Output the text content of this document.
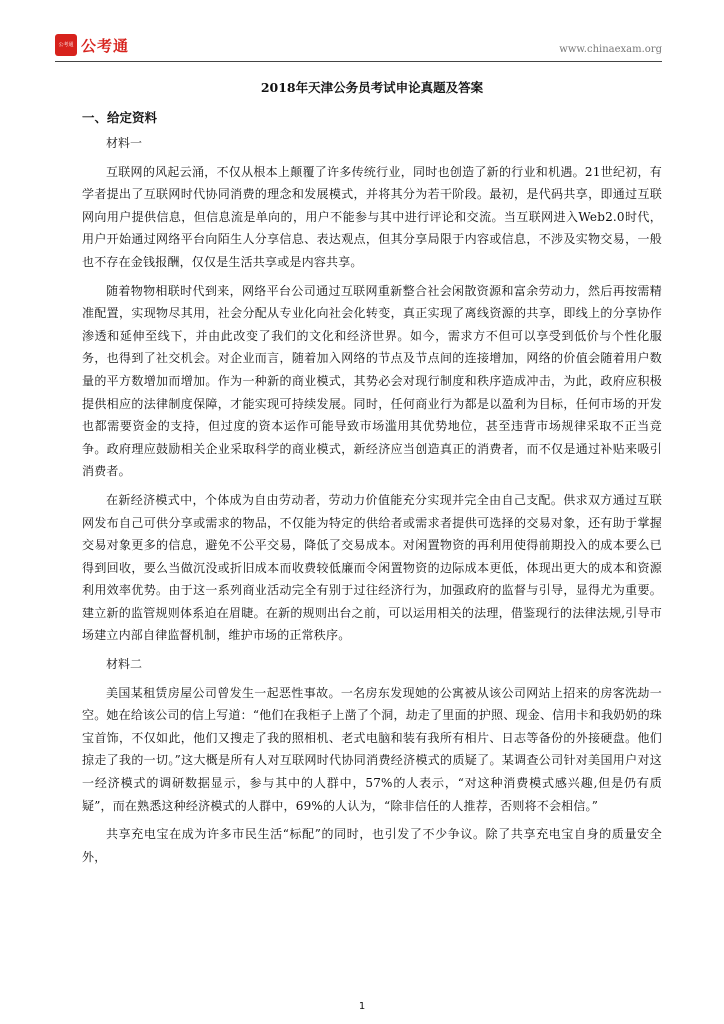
公考通 公考通	www.chinaexam.org

2018年天津公务员考试申论真题及答案

一、给定资料

材料一

互联网的风起云涌，不仅从根本上颠覆了许多传统行业，同时也创造了新的行业和机遇。21世纪初，有学者提出了互联网时代协同消费的理念和发展模式，并将其分为若干阶段。最初，是代码共享，即通过互联网向用户提供信息，但信息流是单向的，用户不能参与其中进行评论和交流。当互联网进入Web2.0时代，用户开始通过网络平台向陌生人分享信息、表达观点，但其分享局限于内容或信息，不涉及实物交易，一般也不存在金钱报酬，仅仅是生活共享或是内容共享。

随着物物相联时代到来，网络平台公司通过互联网重新整合社会闲散资源和富余劳动力，然后再按需精准配置，实现物尽其用，社会分配从专业化向社会化转变，真正实现了离线资源的共享，即线上的分享协作渗透和延伸至线下，并由此改变了我们的文化和经济世界。如今，需求方不但可以享受到低价与个性化服务，也得到了社交机会。对企业而言，随着加入网络的节点及节点间的连接增加，网络的价值会随着用户数量的平方数增加而增加。作为一种新的商业模式，其势必会对现行制度和秩序造成冲击，为此，政府应积极提供相应的法律制度保障，才能实现可持续发展。同时，任何商业行为都是以盈利为目标，任何市场的开发也都需要资金的支持，但过度的资本运作可能导致市场滥用其优势地位，甚至违背市场规律采取不正当竞争。政府理应鼓励相关企业采取科学的商业模式，新经济应当创造真正的消费者，而不仅是通过补贴来吸引消费者。

在新经济模式中，个体成为自由劳动者，劳动力价值能充分实现并完全由自己支配。供求双方通过互联网发布自己可供分享或需求的物品，不仅能为特定的供给者或需求者提供可选择的交易对象，还有助于掌握交易对象更多的信息，避免不公平交易，降低了交易成本。对闲置物资的再利用使得前期投入的成本要么已得到回收，要么当做沉没或折旧成本而收费较低廉而令闲置物资的边际成本更低，体现出更大的成本和资源利用效率优势。由于这一系列商业活动完全有别于过往经济行为，加强政府的监督与引导，显得尤为重要。建立新的监管规则体系迫在眉睫。在新的规则出台之前，可以运用相关的法理，借鉴现行的法律法规,引导市场建立内部自律监督机制，维护市场的正常秩序。

材料二

美国某租赁房屋公司曾发生一起恶性事故。一名房东发现她的公寓被从该公司网站上招来的房客洗劫一空。她在给该公司的信上写道：“他们在我柜子上凿了个洞，劫走了里面的护照、现金、信用卡和我奶奶的珠宝首饰，不仅如此，他们又搜走了我的照相机、老式电脑和装有我所有相片、日志等备份的外接硬盘。他们掠走了我的一切。”这大概是所有人对互联网时代协同消费经济模式的质疑了。某调查公司针对美国用户对这一经济模式的调研数据显示，参与其中的人群中，57%的人表示，“对这种消费模式感兴趣,但是仍有质疑”，而在熟悉这种经济模式的人群中，69%的人认为，“除非信任的人推荐，否则将不会相信。”

共享充电宝在成为许多市民生活“标配”的同时，也引发了不少争议。除了共享充电宝自身的质量安全外，

1
